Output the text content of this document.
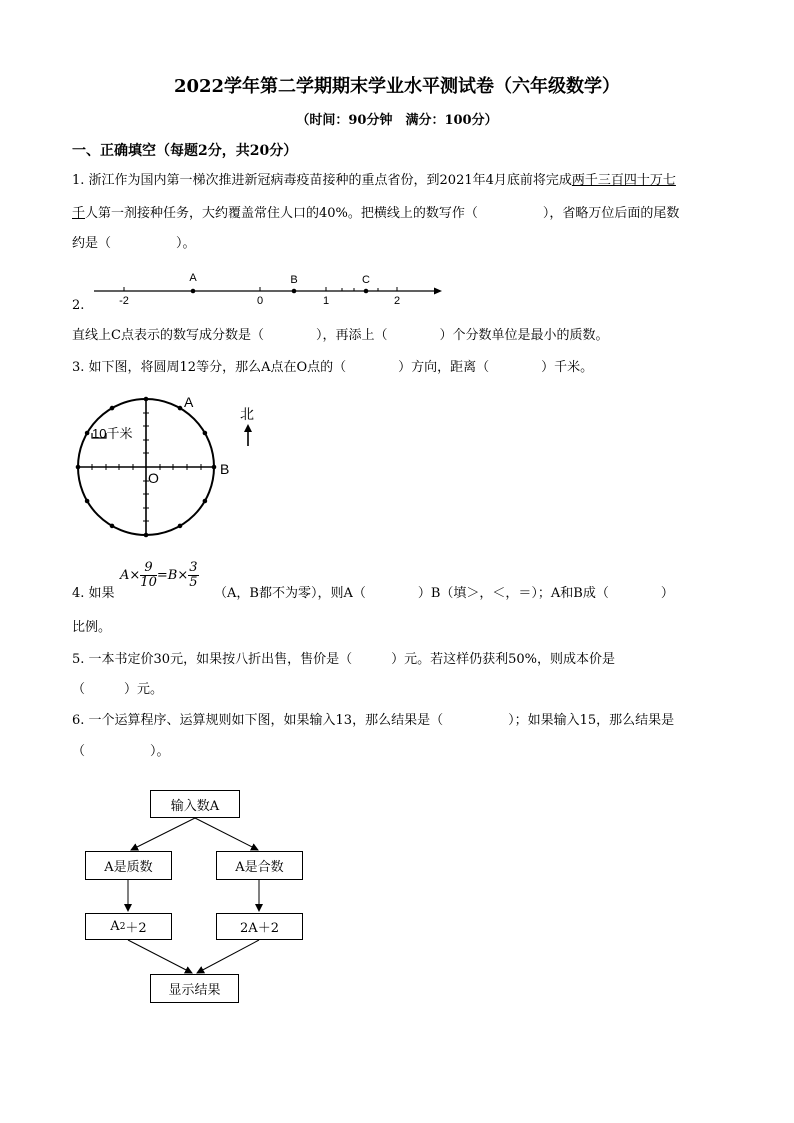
2022学年第二学期期末学业水平测试卷（六年级数学）
（时间：90分钟　满分：100分）
一、正确填空（每题2分，共20分）
1. 浙江作为国内第一梯次推进新冠病毒疫苗接种的重点省份，到2021年4月底前将完成两千三百四十万七
千人第一剂接种任务，大约覆盖常住人口的40%。把横线上的数写作（　　　　　），省略万位后面的尾数
约是（　　　　　）。
2.
A	B	C
-2	0	1	2
直线上C点表示的数写成分数是（　　　　），再添上（　　　　）个分数单位是最小的质数。
3. 如下图，将圆周12等分，那么A点在O点的（　　　　）方向，距离（　　　　）千米。
10千米
A
B
O
北
4. 如果
$A\times \frac{9}{10} =B\times \frac{3}{5}$
（A，B都不为零），则A（　　　　）B（填＞，＜，＝）；A和B成（　　　　）
比例。
5. 一本书定价30元，如果按八折出售，售价是（　　　）元。若这样仍获利50%，则成本价是
（　　　）元。
6. 一个运算程序、运算规则如下图，如果输入13，那么结果是（　　　　　）；如果输入15，那么结果是
（　　　　　）。
输入数A
A是质数	A是合数
A 2 ＋2	2A＋2
显示结果
